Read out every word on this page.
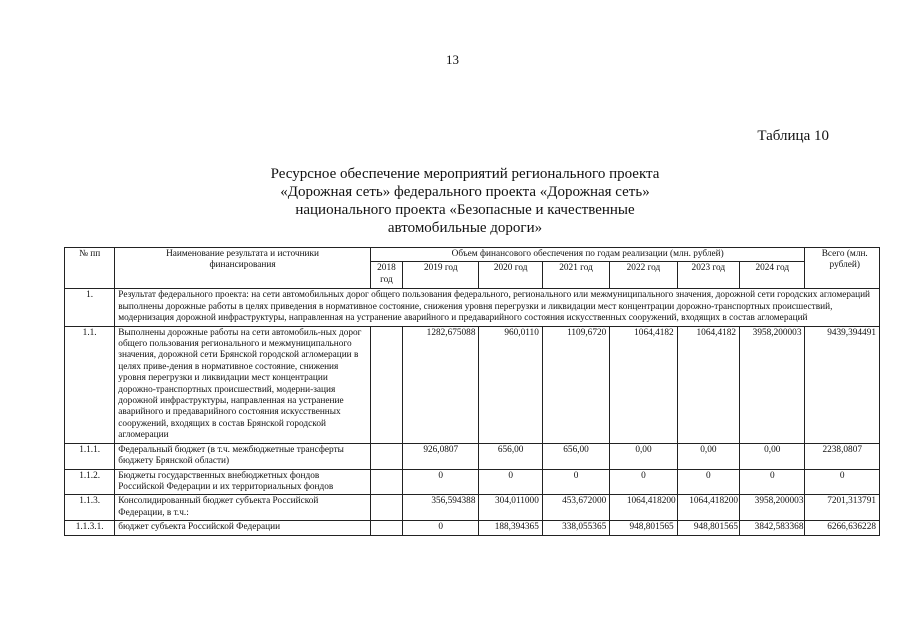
13
Таблица 10
Ресурсное обеспечение мероприятий регионального проекта
«Дорожная сеть» федерального проекта «Дорожная сеть»
национального проекта «Безопасные и качественные
автомобильные дороги»
№ пп	Наименование результата и источники финансирования	Объем финансового обеспечения по годам реализации (млн. рублей)							Всего (млн. рублей)
		2018 год	2019 год	2020 год	2021 год	2022 год	2023 год	2024 год	
1.	Результат федерального проекта: на сети автомобильных дорог общего пользования федерального, регионального или межмуниципального значения, дорожной сети городских агломераций выполнены дорожные работы в целях приведения в нормативное состояние, снижения уровня перегрузки и ликвидации мест концентрации дорожно-транспортных происшествий, модернизация дорожной инфраструктуры, направленная на устранение аварийного и предаварийного состояния искусственных сооружений, входящих в состав агломераций								
1.1.	Выполнены дорожные работы на сети автомобиль-ных дорог общего пользования регионального и межмуниципального значения, дорожной сети Брянской городской агломерации в целях приве-дения в нормативное состояние, снижения уровня перегрузки и ликвидации мест концентрации дорожно-транспортных происшествий, модерни-зация дорожной инфраструктуры, направленная на устранение аварийного и предаварийного состояния искусственных сооружений, входящих в состав Брянской городской агломерации		1282,675088	960,0110	1109,6720	1064,4182	1064,4182	3958,200003	9439,394491
1.1.1.	Федеральный бюджет (в т.ч. межбюджетные трансферты бюджету Брянской области)		926,0807	656,00	656,00	0,00	0,00	0,00	2238,0807
1.1.2.	Бюджеты государственных внебюджетных фондов Российской Федерации и их территориальных фондов		0	0	0	0	0	0	0
1.1.3.	Консолидированный бюджет субъекта Российской Федерации, в т.ч.:		356,594388	304,011000	453,672000	1064,418200	1064,418200	3958,200003	7201,313791
1.1.3.1.	бюджет субъекта Российской Федерации		0	188,394365	338,055365	948,801565	948,801565	3842,583368	6266,636228
